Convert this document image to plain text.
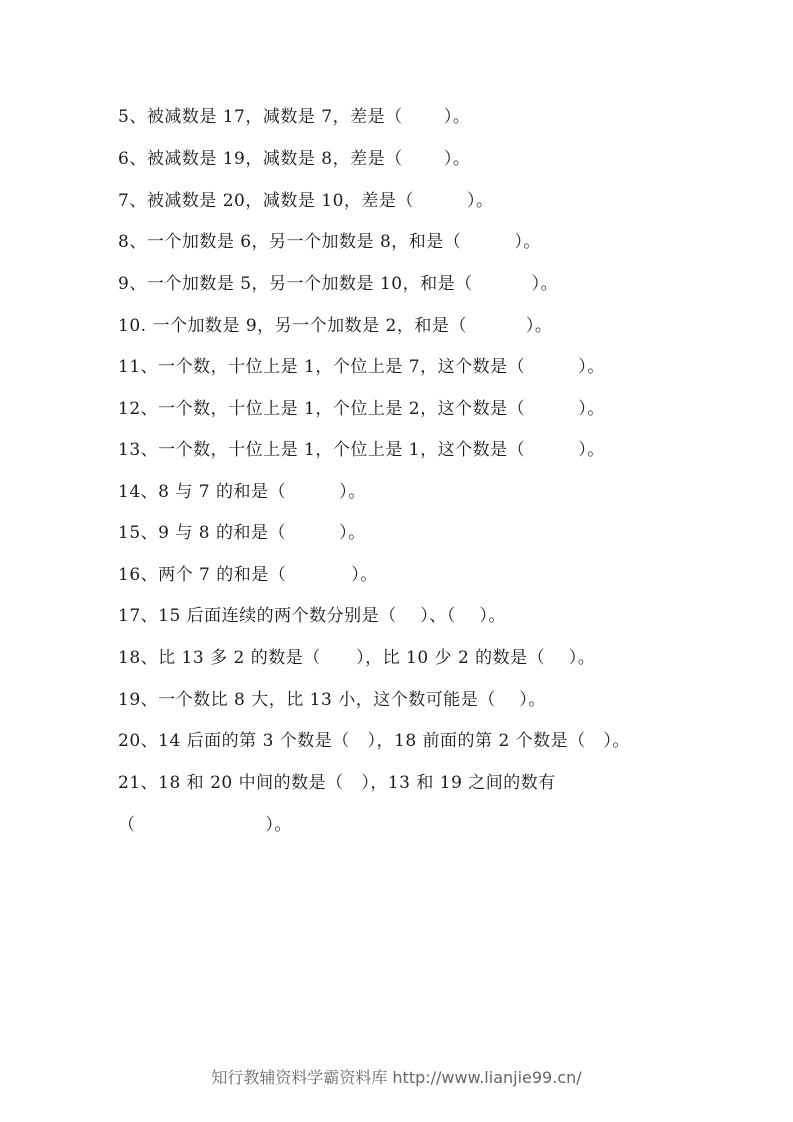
5、被减数是 17，减数是 7，差是（       ）。
6、被减数是 19，减数是 8，差是（       ）。
7、被减数是 20，减数是 10，差是（         ）。
8、一个加数是 6，另一个加数是 8，和是（         ）。
9、一个加数是 5，另一个加数是 10，和是（          ）。
10. 一个加数是 9，另一个加数是 2，和是（          ）。
11、一个数，十位上是 1，个位上是 7，这个数是（         ）。
12、一个数，十位上是 1，个位上是 2，这个数是（         ）。
13、一个数，十位上是 1，个位上是 1，这个数是（         ）。
14、8 与 7 的和是（         ）。
15、9 与 8 的和是（         ）。
16、两个 7 的和是（           ）。
17、15 后面连续的两个数分别是（    ）、（    ）。
18、比 13 多 2 的数是（      ），比 10 少 2 的数是（    ）。
19、一个数比 8 大，比 13 小，这个数可能是（    ）。
20、14 后面的第 3 个数是（   ），18 前面的第 2 个数是（   ）。
21、18 和 20 中间的数是（   ），13 和 19 之间的数有
（                      ）。
知行教辅资料学霸资料库 http://www.lianjie99.cn/
